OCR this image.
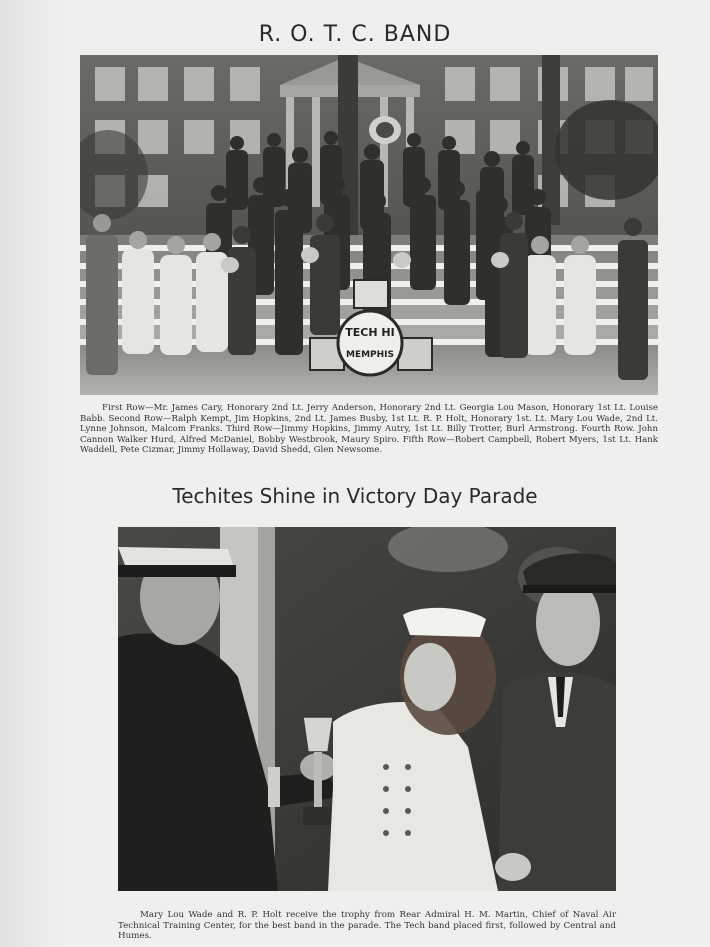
R. O. T. C. BAND
TECH HI
MEMPHIS

First Row—Mr. James Cary, Honorary 2nd Lt. Jerry Anderson, Honorary 2nd Lt. Georgia Lou Mason, Honorary 1st Lt. Louise Babb. Second Row—Ralph Kempt, Jim Hopkins, 2nd Lt. James Busby, 1st Lt. R. P. Holt, Honorary 1st. Lt. Mary Lou Wade, 2nd Lt. Lynne Johnson, Malcom Franks. Third Row—Jimmy Hopkins, Jimmy Autry, 1st Lt. Billy Trotter, Burl Armstrong. Fourth Row. John Cannon Walker Hurd, Alfred McDaniel, Bobby Westbrook, Maury Spiro. Fifth Row—Robert Campbell, Robert Myers, 1st Lt. Hank Waddell, Pete Cizmar, Jimmy Hollaway, David Shedd, Glen Newsome.

Techites Shine in Victory Day Parade

Mary Lou Wade and R. P. Holt receive the trophy from Rear Admiral H. M. Martin, Chief of Naval Air Technical Training Center, for the best band in the parade. The Tech band placed first, followed by Central and Humes.
